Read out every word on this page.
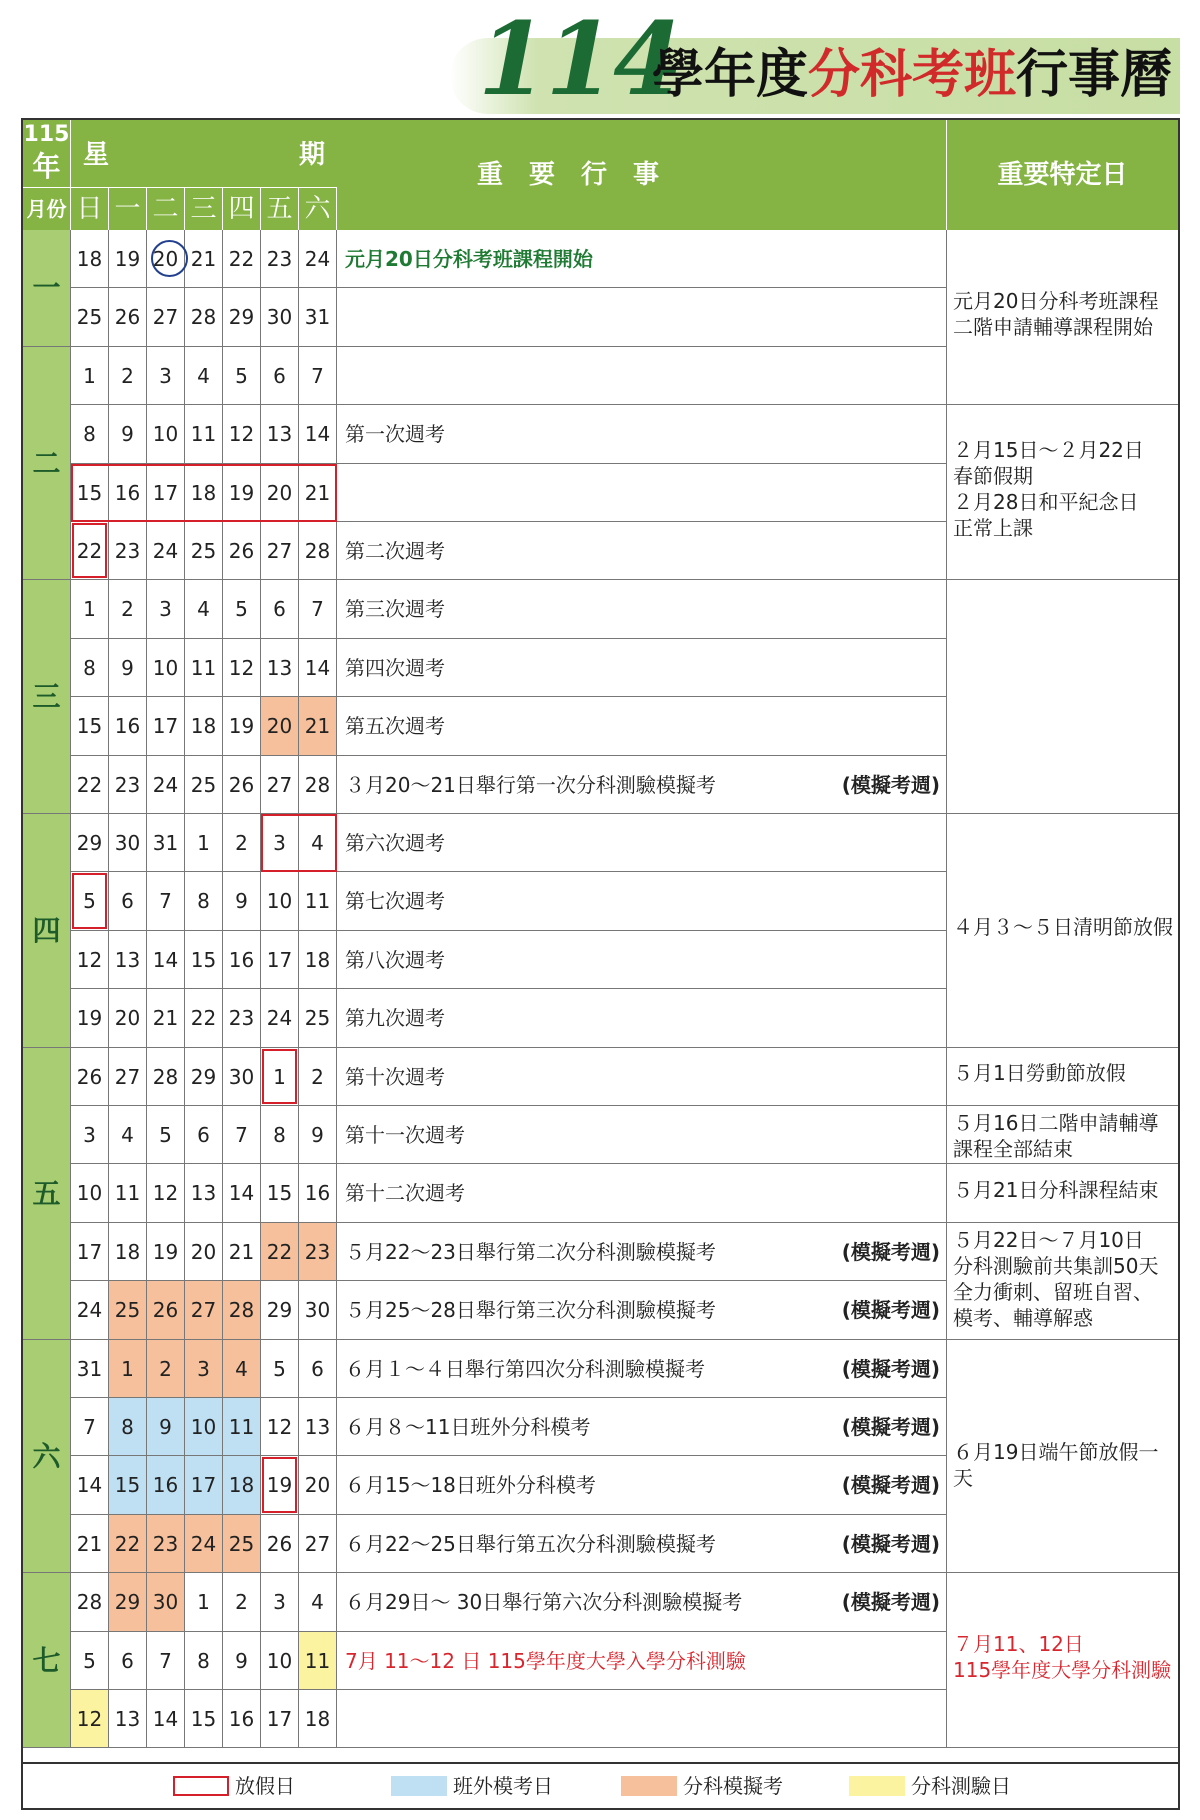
114
學年度分科考班行事曆
115
年
月份
星	期
日 一 二 三 四 五 六
重　要　行　事	重要特定日
一
二
三
四
五
六
七
18 19 20 21 22 23 24 元月20日分科考班課程開始
25 26 27 28 29 30 31
1	2	3	4	5	6	7
8	9 10 11 12 13 14 第一次週考
15 16 17 18 19 20 21
22 23 24 25 26 27 28 第二次週考
1	2	3	4	5	6	7	第三次週考
8	9 10 11 12 13 14 第四次週考
15 16 17 18 19 20 21 第五次週考
22 23 24 25 26 27 28 ３月20～21日舉行第一次分科測驗模擬考	(模擬考週)
29 30 31 1	2	3	4	第六次週考
5	6	7	8	9 10 11 第七次週考
12 13 14 15 16 17 18 第八次週考
19 20 21 22 23 24 25 第九次週考
26 27 28 29 30 1	2	第十次週考
3	4	5	6	7	8	9	第十一次週考
10 11 12 13 14 15 16 第十二次週考
17 18 19 20 21 22 23 ５月22～23日舉行第二次分科測驗模擬考	(模擬考週)
24 25 26 27 28 29 30 ５月25～28日舉行第三次分科測驗模擬考	(模擬考週)
31 1	2	3	4	5	6	６月１～４日舉行第四次分科測驗模擬考	(模擬考週)
7	8	9 10 11 12 13 ６月８～11日班外分科模考	(模擬考週)
14 15 16 17 18 19 20 ６月15～18日班外分科模考	(模擬考週)
21 22 23 24 25 26 27 ６月22～25日舉行第五次分科測驗模擬考	(模擬考週)
28 29 30 1	2	3	4	６月29日～ 30日舉行第六次分科測驗模擬考	(模擬考週)
5	6	7	8	9 10 11 7月 11～12 日 115學年度大學入學分科測驗
12 13 14 15 16 17 18

元月20日分科考班課程

二階申請輔導課程開始

２月15日～２月22日

春節假期

２月28日和平紀念日

正常上課

４月３～５日清明節放假

５月1日勞動節放假

５月16日二階申請輔導

課程全部結束

５月21日分科課程結束

５月22日～７月10日

分科測驗前共集訓50天

全力衝刺、留班自習、

模考、輔導解惑

６月19日端午節放假一天

７月11、12日

115學年度大學分科測驗

放假日	班外模考日	分科模擬考	分科測驗日
